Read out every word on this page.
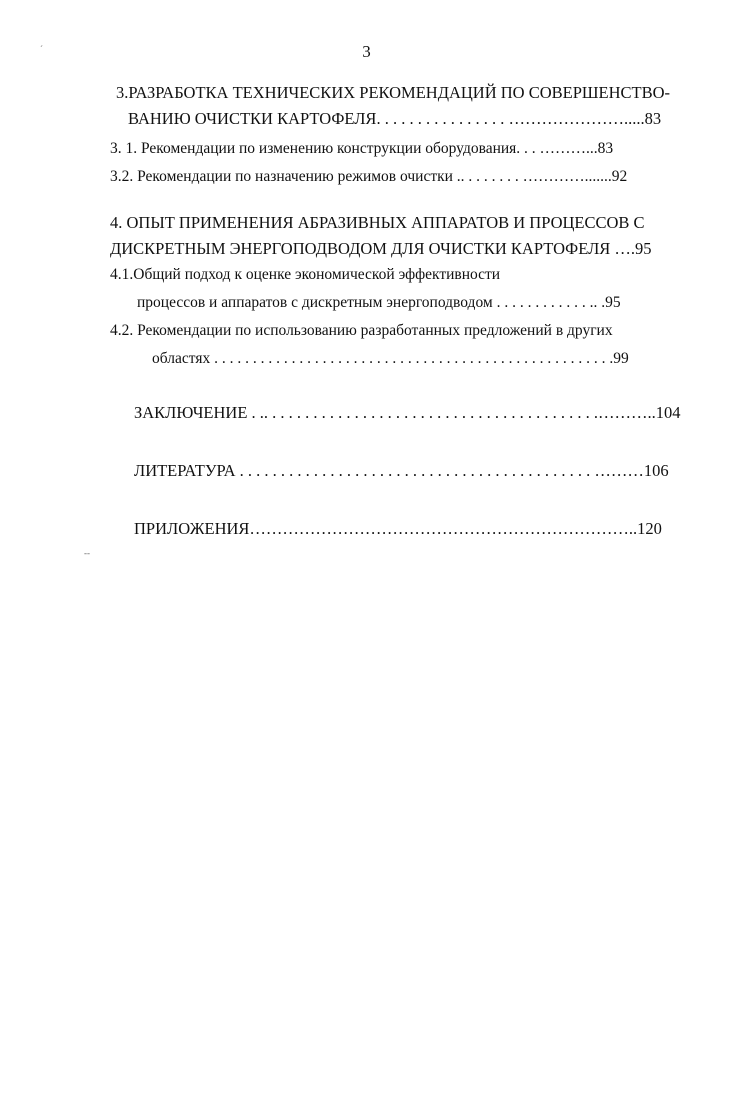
3
3.РАЗРАБОТКА ТЕХНИЧЕСКИХ РЕКОМЕНДАЦИЙ ПО СОВЕРШЕНСТВО-
ВАНИЮ ОЧИСТКИ КАРТОФЕЛЯ. . . . . . . . . . . . . . . . ………………….....83
3. 1. Рекомендации по изменению конструкции оборудования. . . ………...83
3.2. Рекомендации по назначению режимов очистки .. . . . . . . . ………….......92
4. ОПЫТ ПРИМЕНЕНИЯ АБРАЗИВНЫХ АППАРАТОВ И ПРОЦЕССОВ С
ДИСКРЕТНЫМ ЭНЕРГОПОДВОДОМ ДЛЯ ОЧИСТКИ КАРТОФЕЛЯ ….95
4.1.Общий подход к оценке экономической эффективности
процессов и аппаратов с дискретным энергоподводом . . . . . . . . . . . . .. .95
4.2. Рекомендации по использованию разработанных предложений в других
областях . . . . . . . . . . . . . . . . . . . . . . . . . . . . . . . . . . . . . . . . . . . . . . . . . . . .99
ЗАКЛЮЧЕНИЕ . .. . . . . . . . . . . . . . . . . . . . . . . . . . . . . . . . . . . . . . . . .………..104
ЛИТЕРАТУРА . . . . . . . . . . . . . . . . . . . . . . . . . . . . . . . . . . . . . . . . . . . ………106
ПРИЛОЖЕНИЯ……………………………………………………………..120
ˊ
--
